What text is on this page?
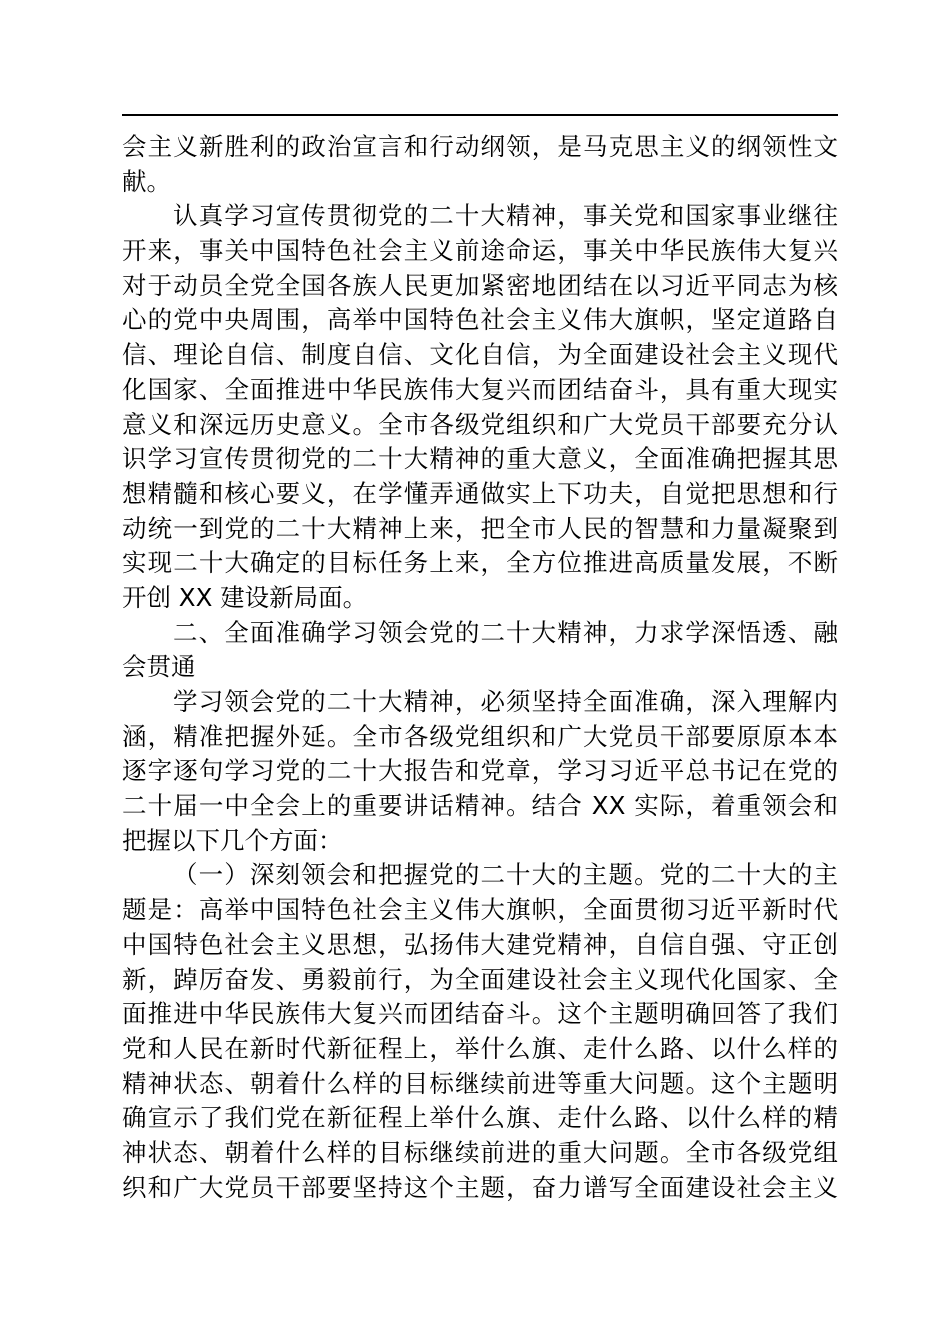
会主义新胜利的政治宣言和行动纲领，是马克思主义的纲领性文
献。
认真学习宣传贯彻党的二十大精神，事关党和国家事业继往
开来，事关中国特色社会主义前途命运，事关中华民族伟大复兴
对于动员全党全国各族人民更加紧密地团结在以习近平同志为核
心的党中央周围，高举中国特色社会主义伟大旗帜，坚定道路自
信、理论自信、制度自信、文化自信，为全面建设社会主义现代
化国家、全面推进中华民族伟大复兴而团结奋斗，具有重大现实
意义和深远历史意义。全市各级党组织和广大党员干部要充分认
识学习宣传贯彻党的二十大精神的重大意义，全面准确把握其思
想精髓和核心要义，在学懂弄通做实上下功夫，自觉把思想和行
动统一到党的二十大精神上来，把全市人民的智慧和力量凝聚到
实现二十大确定的目标任务上来，全方位推进高质量发展，不断
开创 XX 建设新局面。
二、全面准确学习领会党的二十大精神，力求学深悟透、融
会贯通
学习领会党的二十大精神，必须坚持全面准确，深入理解内
涵，精准把握外延。全市各级党组织和广大党员干部要原原本本
逐字逐句学习党的二十大报告和党章，学习习近平总书记在党的
二十届一中全会上的重要讲话精神。结合 XX 实际，着重领会和
把握以下几个方面：
（一）深刻领会和把握党的二十大的主题。党的二十大的主
题是：高举中国特色社会主义伟大旗帜，全面贯彻习近平新时代
中国特色社会主义思想，弘扬伟大建党精神，自信自强、守正创
新，踔厉奋发、勇毅前行，为全面建设社会主义现代化国家、全
面推进中华民族伟大复兴而团结奋斗。这个主题明确回答了我们
党和人民在新时代新征程上，举什么旗、走什么路、以什么样的
精神状态、朝着什么样的目标继续前进等重大问题。这个主题明
确宣示了我们党在新征程上举什么旗、走什么路、以什么样的精
神状态、朝着什么样的目标继续前进的重大问题。全市各级党组
织和广大党员干部要坚持这个主题，奋力谱写全面建设社会主义
